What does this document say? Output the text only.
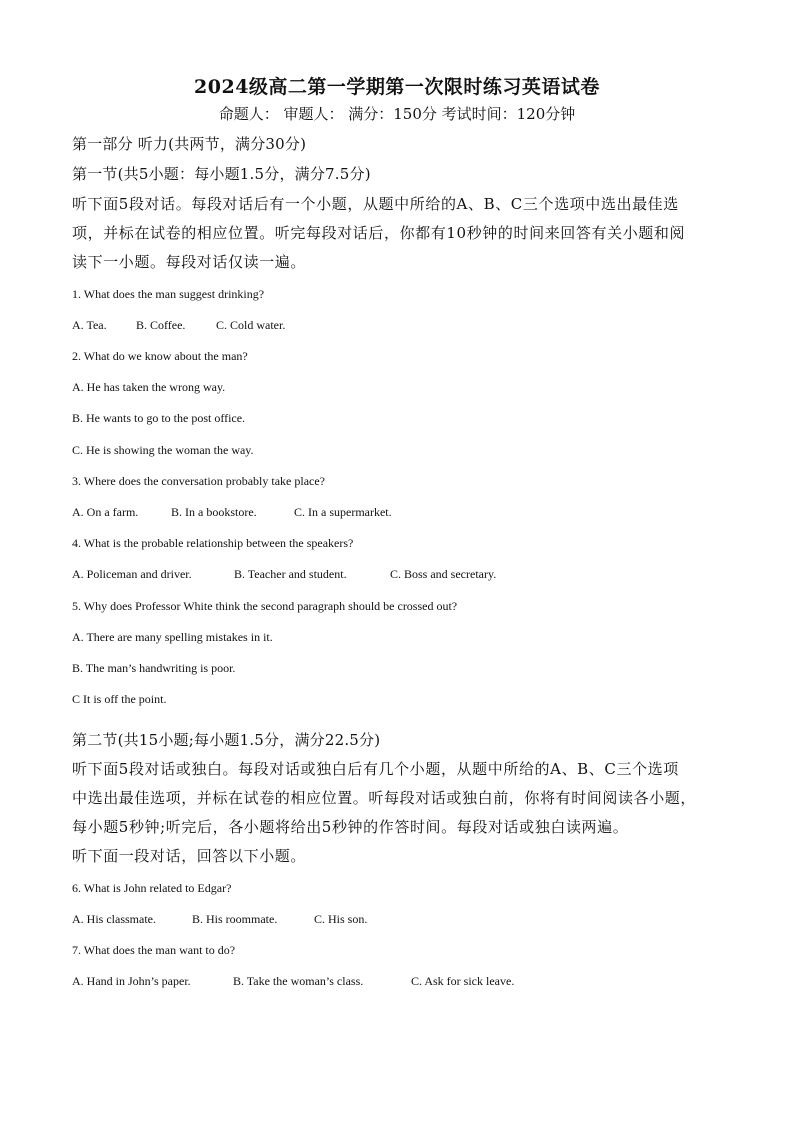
2024级高二第一学期第一次限时练习英语试卷
命题人： 审题人： 满分：150分 考试时间：120分钟
第一部分 听力(共两节，满分30分)
第一节(共5小题：每小题1.5分，满分7.5分)
听下面5段对话。每段对话后有一个小题，从题中所给的A、B、C三个选项中选出最佳选
项，并标在试卷的相应位置。听完每段对话后，你都有10秒钟的时间来回答有关小题和阅
读下一小题。每段对话仅读一遍。
1. What does the man suggest drinking?
A. Tea. B. Coffee.	C. Cold water.
2. What do we know about the man?
A. He has taken the wrong way.
B. He wants to go to the post office.
C. He is showing the woman the way.
3. Where does the conversation probably take place?
A. On a farm.	B. In a bookstore.	C. In a supermarket.
4. What is the probable relationship between the speakers?
A. Policeman and driver.	B. Teacher and student.	C. Boss and secretary.
5. Why does Professor White think the second paragraph should be crossed out?
A. There are many spelling mistakes in it.
B. The man’s handwriting is poor.
C It is off the point.
第二节(共15小题;每小题1.5分，满分22.5分)
听下面5段对话或独白。每段对话或独白后有几个小题，从题中所给的A、B、C三个选项
中选出最佳选项，并标在试卷的相应位置。听每段对话或独白前，你将有时间阅读各小题，
每小题5秒钟;听完后，各小题将给出5秒钟的作答时间。每段对话或独白读两遍。
听下面一段对话，回答以下小题。
6. What is John related to Edgar?
A. His classmate.	B. His roommate.	C. His son.
7. What does the man want to do?
A. Hand in John’s paper.	B. Take the woman’s class.	C. Ask for sick leave.
